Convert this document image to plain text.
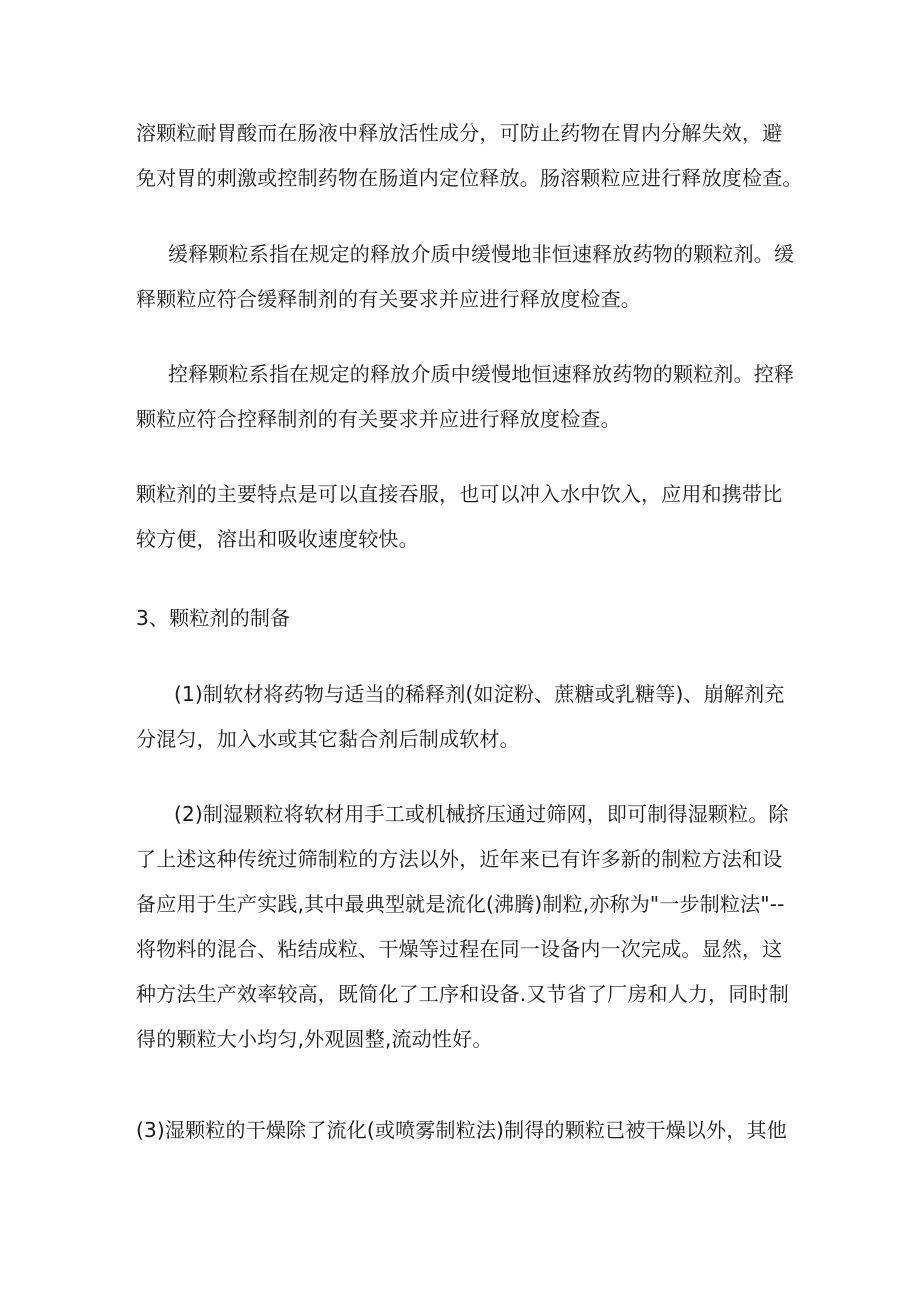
溶颗粒耐胃酸而在肠液中释放活性成分，可防止药物在胃内分解失效，避
免对胃的刺激或控制药物在肠道内定位释放。肠溶颗粒应进行释放度检查。
缓释颗粒系指在规定的释放介质中缓慢地非恒速释放药物的颗粒剂。缓
释颗粒应符合缓释制剂的有关要求并应进行释放度检查。
控释颗粒系指在规定的释放介质中缓慢地恒速释放药物的颗粒剂。控释
颗粒应符合控释制剂的有关要求并应进行释放度检查。
颗粒剂的主要特点是可以直接吞服，也可以冲入水中饮入，应用和携带比
较方便，溶出和吸收速度较快。
3、颗粒剂的制备
(1)制软材将药物与适当的稀释剂(如淀粉、蔗糖或乳糖等)、崩解剂充
分混匀，加入水或其它黏合剂后制成软材。
(2)制湿颗粒将软材用手工或机械挤压通过筛网，即可制得湿颗粒。除
了上述这种传统过筛制粒的方法以外，近年来已有许多新的制粒方法和设
备应用于生产实践,其中最典型就是流化(沸腾)制粒,亦称为"一步制粒法"--
将物料的混合、粘结成粒、干燥等过程在同一设备内一次完成。显然，这
种方法生产效率较高，既简化了工序和设备.又节省了厂房和人力，同时制
得的颗粒大小均匀,外观圆整,流动性好。
(3)湿颗粒的干燥除了流化(或喷雾制粒法)制得的颗粒已被干燥以外，其他
